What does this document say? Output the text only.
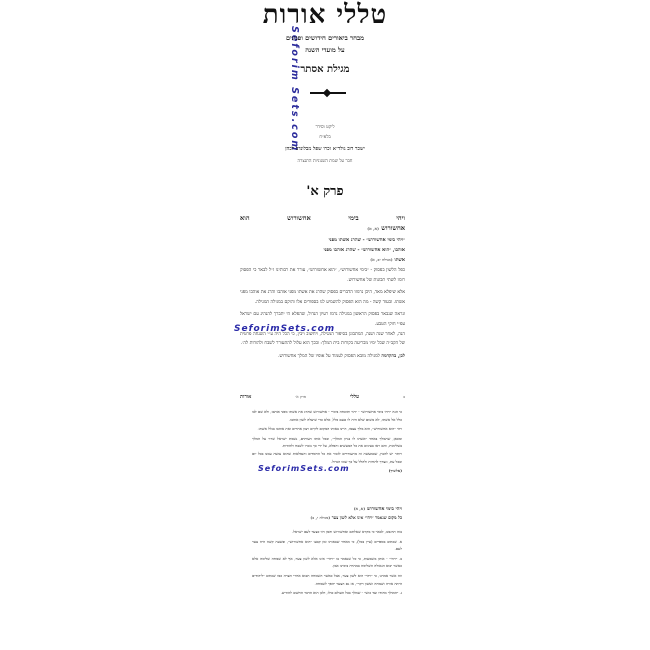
טללי אורות
Seforim Sets.com
מבחר ביאורים חידושים ופנינים
על מועדי השנה
מגילת אסתר
ליקט וסידר
בלא״ח
ישכר דוב גולד״א זכרו שפל מבלונדב לכהן
חבר על שמת השנוניות התנצרה
פרק א'
ויהי
בימי
אחשורוש
הוא
אחשורוש (א, א)
״ויהי בימי אחשורוש״ - שהרג אשתו מפני
אוהבו, ״הוא אחשורוש״ - שהרג אוהבו מפני
אשתו (מגילה יב, א)
כפל הלשון בפסוק - ״בימי אחשורוש״, ״הוא אחשורוש״, עורר את רבותינו ז״ל לבאר כי הפסוק רומז לשתי תכונות של אחשורוש.
אלא שיפלא מאד, היכן נרמזו הדברים בפסוק שהרג את אשתו מפני אוהבו והרג את אוהבו מפני אשתו. ובעוד קשה - מה הוא הפסוק להשמיע לנו בספורים אלו והוקם במגילה המגילה.
ונראה שנבאר בפסוק הראשון במגילה נרמז רעיון הגדול, שהפלא הי יתברך להנהיג עם ישראל עפ״י חוקי הטבע.
הנה, לאחר שנה ושנה, המתבונן בסיפור המגילה, ויחשוב ויבין, כי הכל היה ע״י השגחה פרטית של הקב״ה שכל ימיו מכריעה בקורות בית המלך: ובכך הוא עלול להתעורר לשבח ולהודות לה׳.
לכן, בהקדמה למגילה מובא הפסוק לעמוד על אופיו של המלך אחשורוש.
SeforimSets.com
ב
טללי
פרק א׳
אורות
כי הנה ״ויהי בימי אחשורוש״ - ״הוי ותוכחה בימי״ - אחשורוש שהרג את אשתו מפני אוהבו, ולא שם לבו כלל אל אשתו, לא משום שלא היה לו טעם כלל, אלא כדי שיעלה לשון אוהבו.
ויהי ״הוא אחשורוש״, הוא מלך עצמו, היינו באותו המקום לקיים רצון אחרים ואת אוהבו בגלל אשתו.
ומכאן, שהמלך באחד ״אשתו לו בגיון המלך״, ובכל אותו העיתים, נשמת ישראל שרוי על המלך בשלימות, והם ראו בעינים את כל המעשים והפלא, על ידי כך נזכרו לשבח ולהודות.
ויותר יש להבין, שבמעשה זה מתעוררים לזכור את כל החסדים והנפלאות שהוא עושה עמנו בכל יום ובכל עת, ונצרך להודות ולהלל על כך שמו הגדול.
(אלשיך)
SeforimSets.com
ויהי בימי אחשורוש (א, א)
כל מקום שנאמר ״ויהי״ אינו אלא לשון צער (מגילה י, ב)
בזה תרגמנו, לבאר כי מקרא שאלתם ואחשורוש והמן היו כצער לעם ישראל.
א. שכתוב בספרים (עיין בכל), כי מאחר שבאותו זמן קבעו ״הוא אחשורוש״, ובשעה קשה היה צער לעם.
ב. ״ויהי״ - אותן משמעות, כי כל שנאמר בו ״ויהי״ אינו אלא לשון צער, אף לא שמחה שלימה אלא כאשר יבוא הגאולה השלימה במהרה בימינו אמן.
וזה אשר אמרנו, כי ״ויהי״ הוא לשון צער, אבל כאשר השמחה תבוא אחרי הצרה כמו שכתוב ״ליהודים היתה אורה ושמחה וששון ויקר״, אז גם הצער יהפך לשמחה.
ג. ״המולך מהודו ועד כוש״ - שמלך בכל העולם כולו, ולכן הוא הדבר החשוב להודיע.
